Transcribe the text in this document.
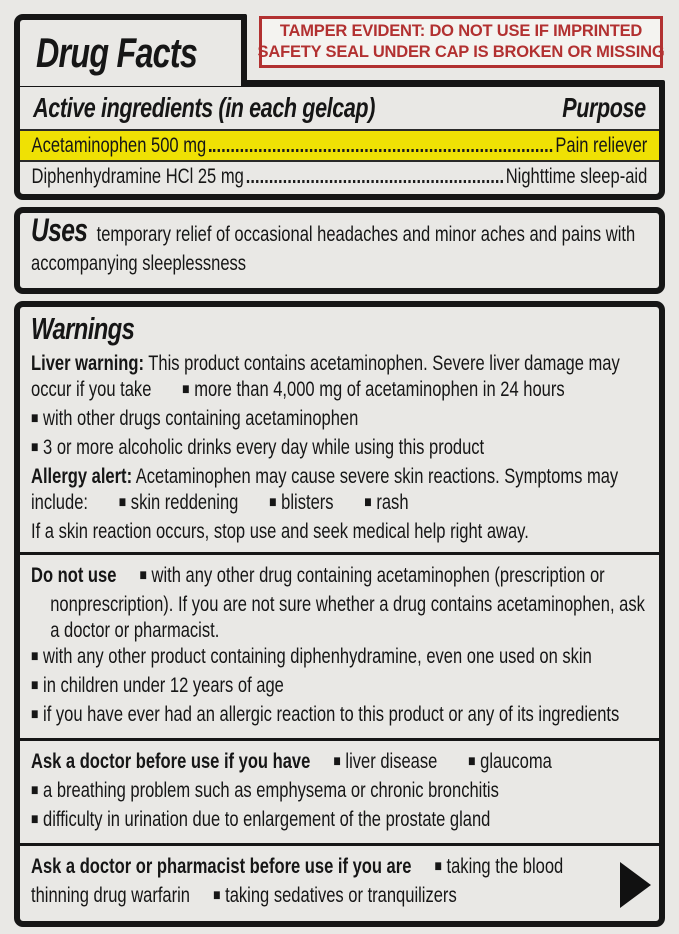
Active ingredients (in each gelcap)	Purpose
Acetaminophen 500 mg	Pain reliever
Diphenhydramine HCl 25 mg	Nighttime sleep-aid
Drug Facts	TAMPER EVIDENT: DO NOT USE IF IMPRINTED
SAFETY SEAL UNDER CAP IS BROKEN OR MISSING
Uses temporary relief of occasional headaches and minor aches and pains with accompanying sleeplessness
Warnings
Liver warning: This product contains acetaminophen. Severe liver damage may occur if you take ■ more than 4,000 mg of acetaminophen in 24 hours
■ with other drugs containing acetaminophen
■ 3 or more alcoholic drinks every day while using this product
Allergy alert: Acetaminophen may cause severe skin reactions. Symptoms may include: ■ skin reddening ■ blisters ■ rash
If a skin reaction occurs, stop use and seek medical help right away.
Do not use ■ with any other drug containing acetaminophen (prescription or nonprescription). If you are not sure whether a drug contains acetaminophen, ask a doctor or pharmacist.
■ with any other product containing diphenhydramine, even one used on skin
■ in children under 12 years of age
■ if you have ever had an allergic reaction to this product or any of its ingredients
Ask a doctor before use if you have ■ liver disease ■ glaucoma
■ a breathing problem such as emphysema or chronic bronchitis
■ difficulty in urination due to enlargement of the prostate gland
Ask a doctor or pharmacist before use if you are ■ taking the blood thinning drug warfarin ■ taking sedatives or tranquilizers
